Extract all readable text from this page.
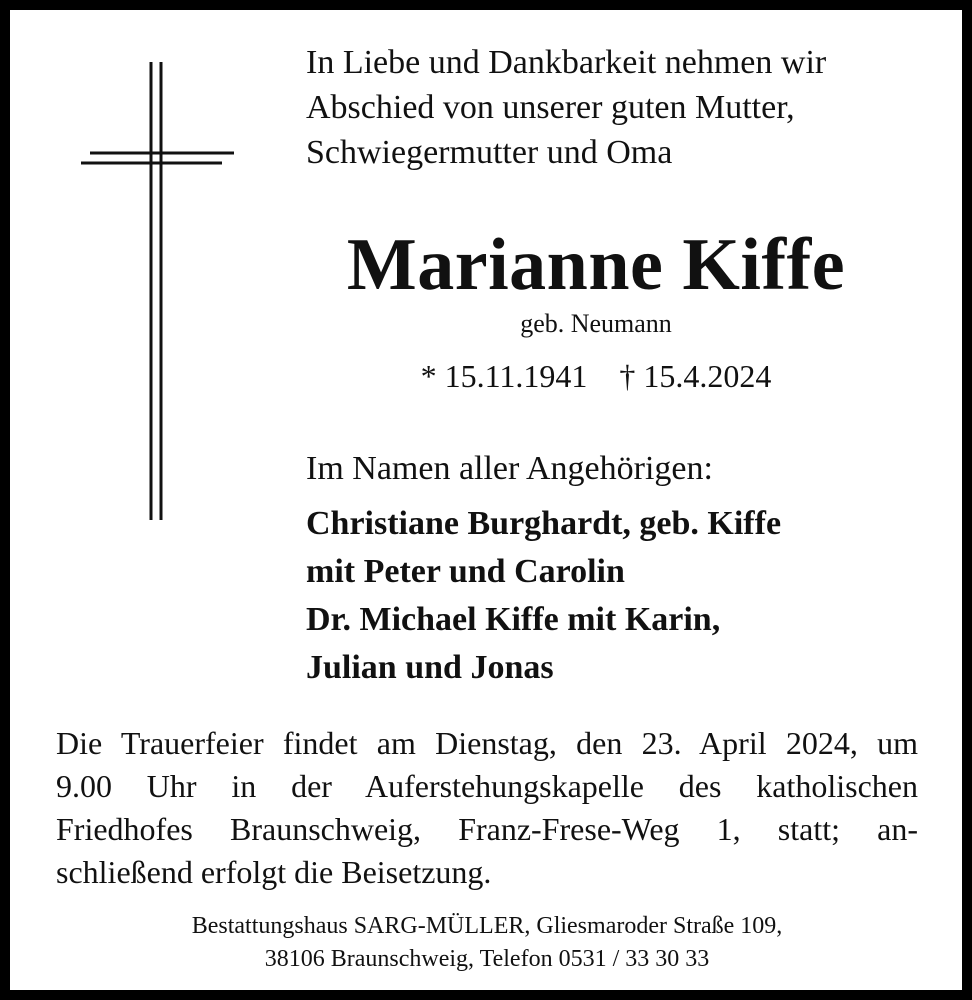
In Liebe und Dankbarkeit nehmen wir
Abschied von unserer guten Mutter,
Schwiegermutter und Oma
Marianne Kiffe
geb. Neumann
* 15.11.1941 † 15.4.2024
Im Namen aller Angehörigen:
Christiane Burghardt, geb. Kiffe
mit Peter und Carolin
Dr. Michael Kiffe mit Karin,
Julian und Jonas
Die Trauerfeier findet am Dienstag, den 23. April 2024, um
9.00 Uhr in der Auferstehungskapelle des katholischen
Friedhofes Braunschweig, Franz-Frese-Weg 1, statt; an-
schließend erfolgt die Beisetzung.
Bestattungshaus SARG-MÜLLER, Gliesmaroder Straße 109,
38106 Braunschweig, Telefon 0531 / 33 30 33
